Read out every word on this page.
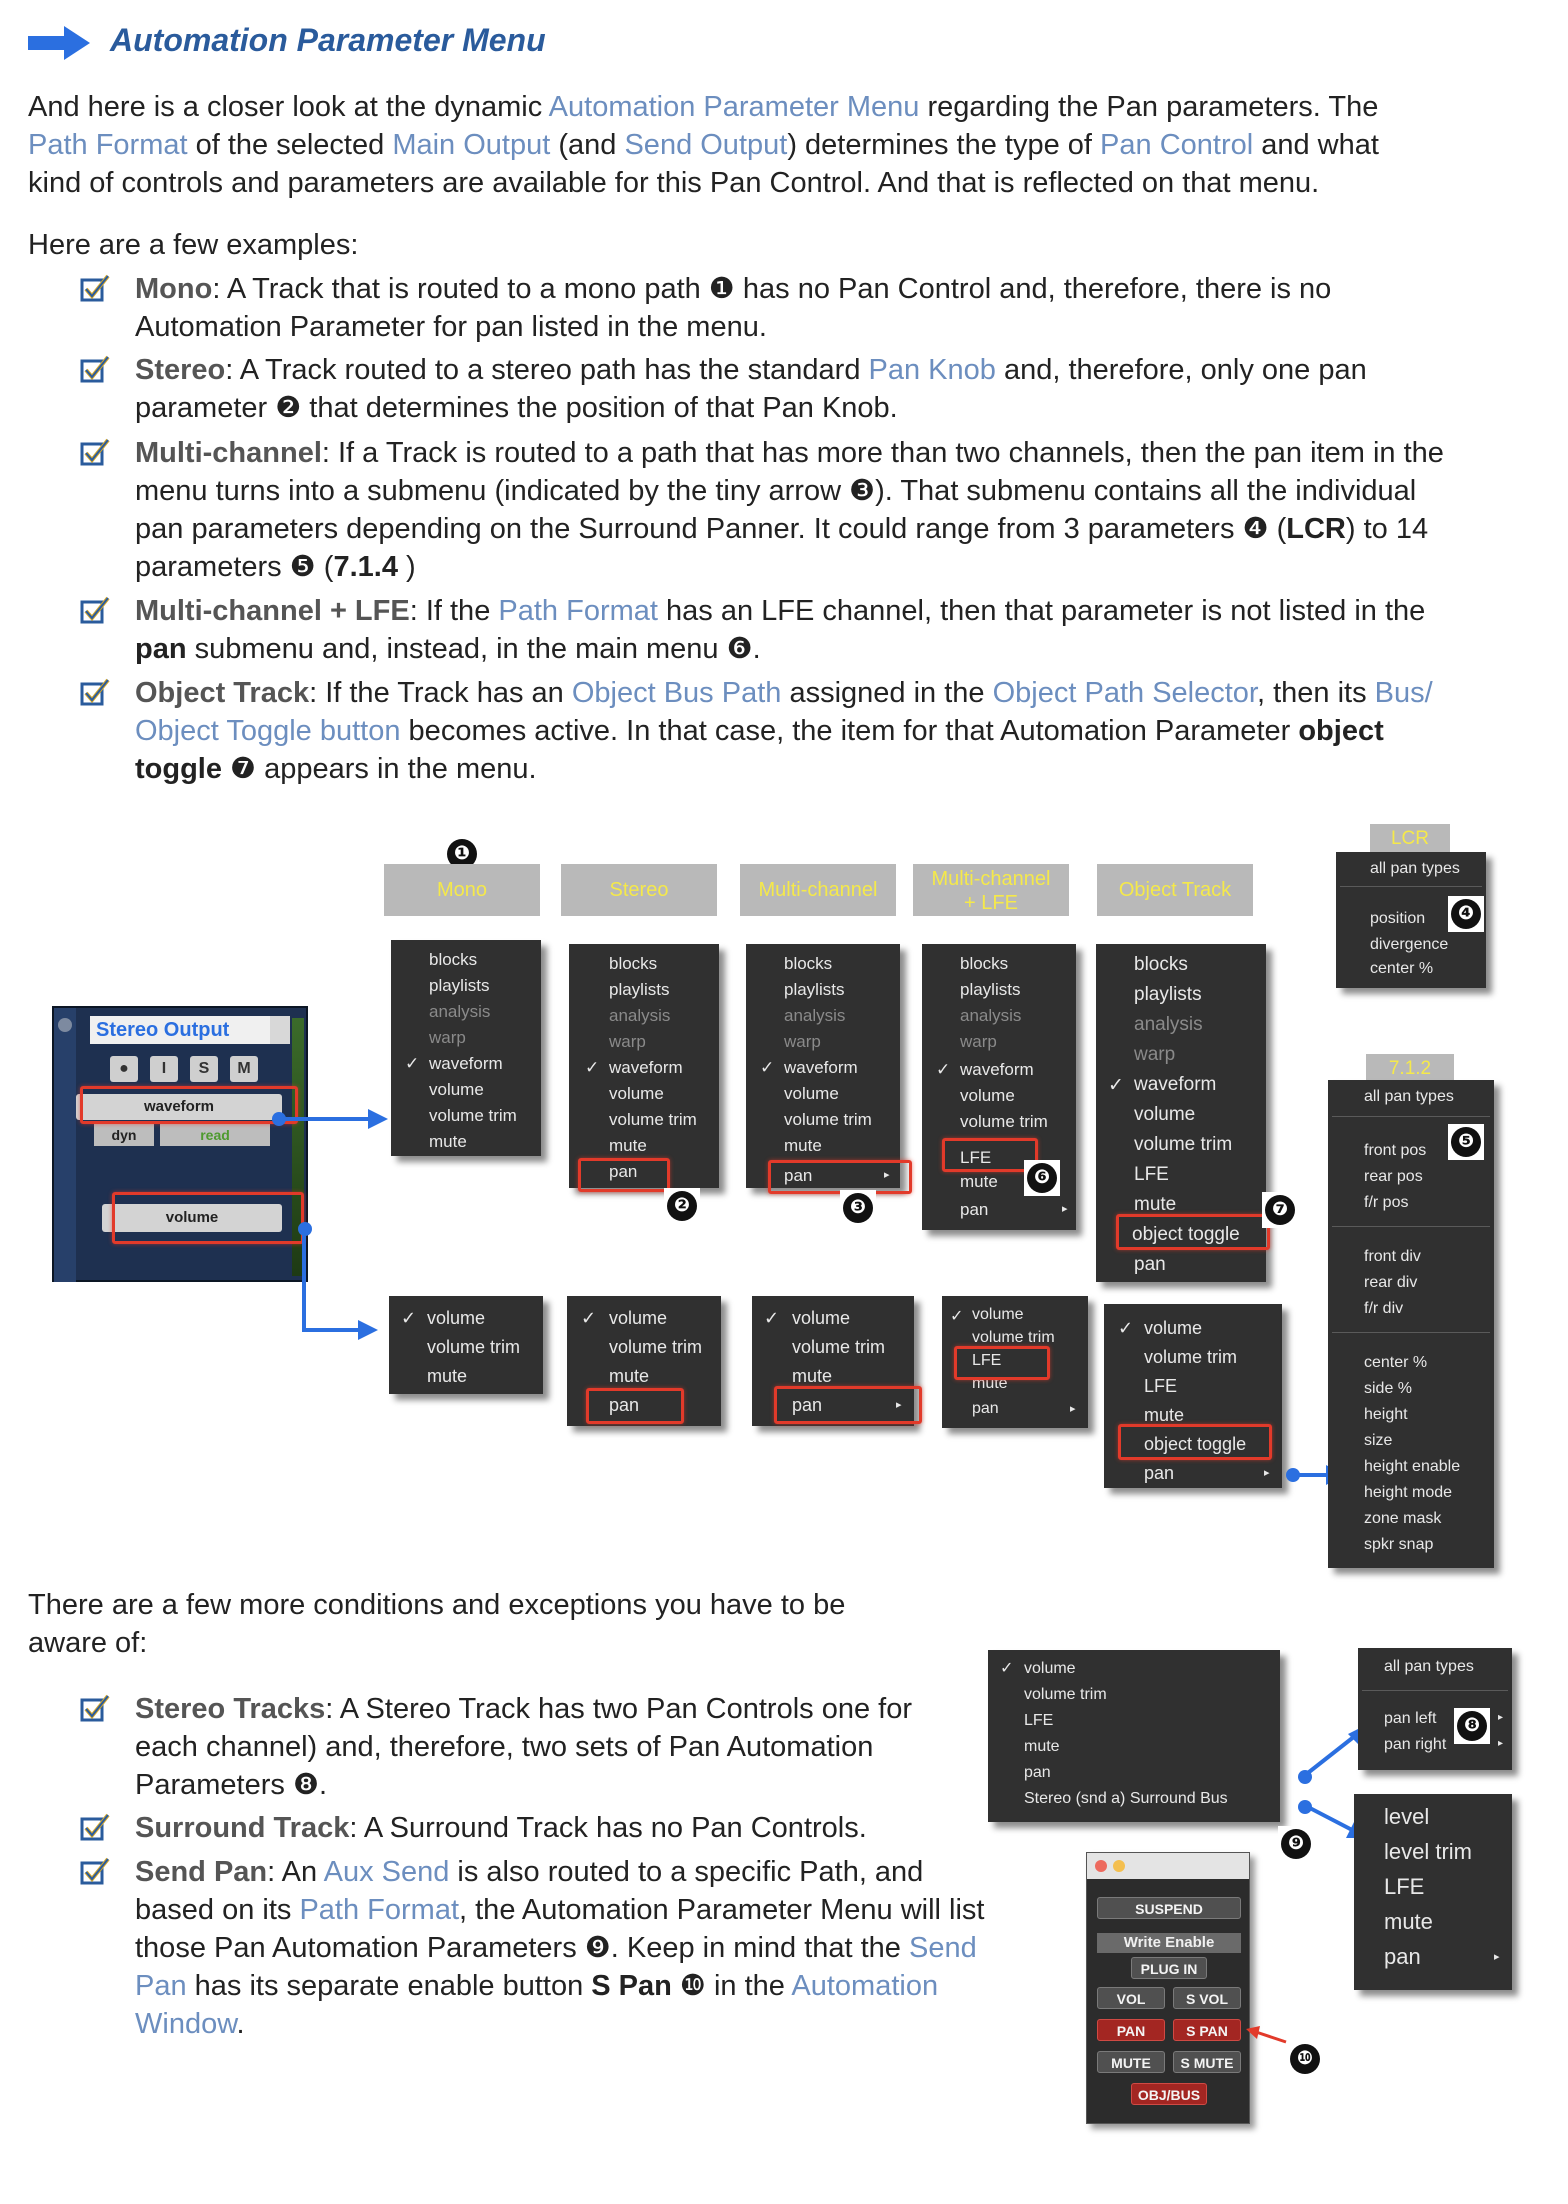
Automation Parameter Menu
And here is a closer look at the dynamic Automation Parameter Menu regarding the Pan parameters. The
Path Format of the selected Main Output (and Send Output) determines the type of Pan Control and what
kind of controls and parameters are available for this Pan Control. And that is reflected on that menu.
Here are a few examples:
Mono: A Track that is routed to a mono path ❶ has no Pan Control and, therefore, there is no
Automation Parameter for pan listed in the menu.
Stereo: A Track routed to a stereo path has the standard Pan Knob and, therefore, only one pan
parameter ❷ that determines the position of that Pan Knob.
Multi-channel: If a Track is routed to a path that has more than two channels, then the pan item in the
menu turns into a submenu (indicated by the tiny arrow ❸). That submenu contains all the individual
pan parameters depending on the Surround Panner. It could range from 3 parameters ❹ (LCR) to 14
parameters ❺ (7.1.4 )
Multi-channel + LFE: If the Path Format has an LFE channel, then that parameter is not listed in the
pan submenu and, instead, in the main menu ❻.
Object Track: If the Track has an Object Bus Path assigned in the Object Path Selector, then its Bus/
Object Toggle button becomes active. In that case, the item for that Automation Parameter object
toggle ❼ appears in the menu.
❶
Mono	Stereo	Multi-channel	Multi-channel
+ LFE
Object Track
Stereo Output
●	I	S	M
waveform
dyn	read
volume
blocks
playlists
analysis
warp
✓ waveform
volume
volume trim
mute
blocks
playlists
analysis
warp
✓ waveform
volume
volume trim
mute
pan
❷
blocks
playlists
analysis
warp
✓ waveform
volume
volume trim
mute
pan	▸
❸
blocks
playlists
analysis
warp
✓ waveform
volume
volume trim
LFE
mute
pan	▸
❻
blocks
playlists
analysis
warp
✓ waveform
volume
volume trim
LFE
mute
object toggle
pan
❼
✓ volume
volume trim
mute
✓ volume
volume trim
mute
pan
✓ volume
volume trim
mute
pan	▸
✓ volume
volume trim
LFE
mute
pan	▸
✓ volume
volume trim
LFE
mute
object toggle
pan	▸
LCR
all pan types
position
divergence
center %
❹
7.1.2
all pan types
front pos
rear pos
f/r pos
front div
rear div
f/r div
center %
side %
height
size
height enable
height mode
zone mask
spkr snap
❺
There are a few more conditions and exceptions you have to be
aware of:
Stereo Tracks: A Stereo Track has two Pan Controls one for
each channel) and, therefore, two sets of Pan Automation
Parameters ❽.
Surround Track: A Surround Track has no Pan Controls.
Send Pan: An Aux Send is also routed to a specific Path, and
based on its Path Format, the Automation Parameter Menu will list
those Pan Automation Parameters ❾. Keep in mind that the Send
Pan has its separate enable button S Pan ❿ in the Automation
Window.
volume
✓
volume trim
LFE
mute
pan
Stereo (snd a) Surround Bus
❾
all pan types
pan left	▸
pan right	▸
❽
level
level trim
LFE
mute
pan	▸
SUSPEND
Write Enable
PLUG IN
VOL	S VOL
PAN	S PAN
MUTE	S MUTE
OBJ/BUS
❿
